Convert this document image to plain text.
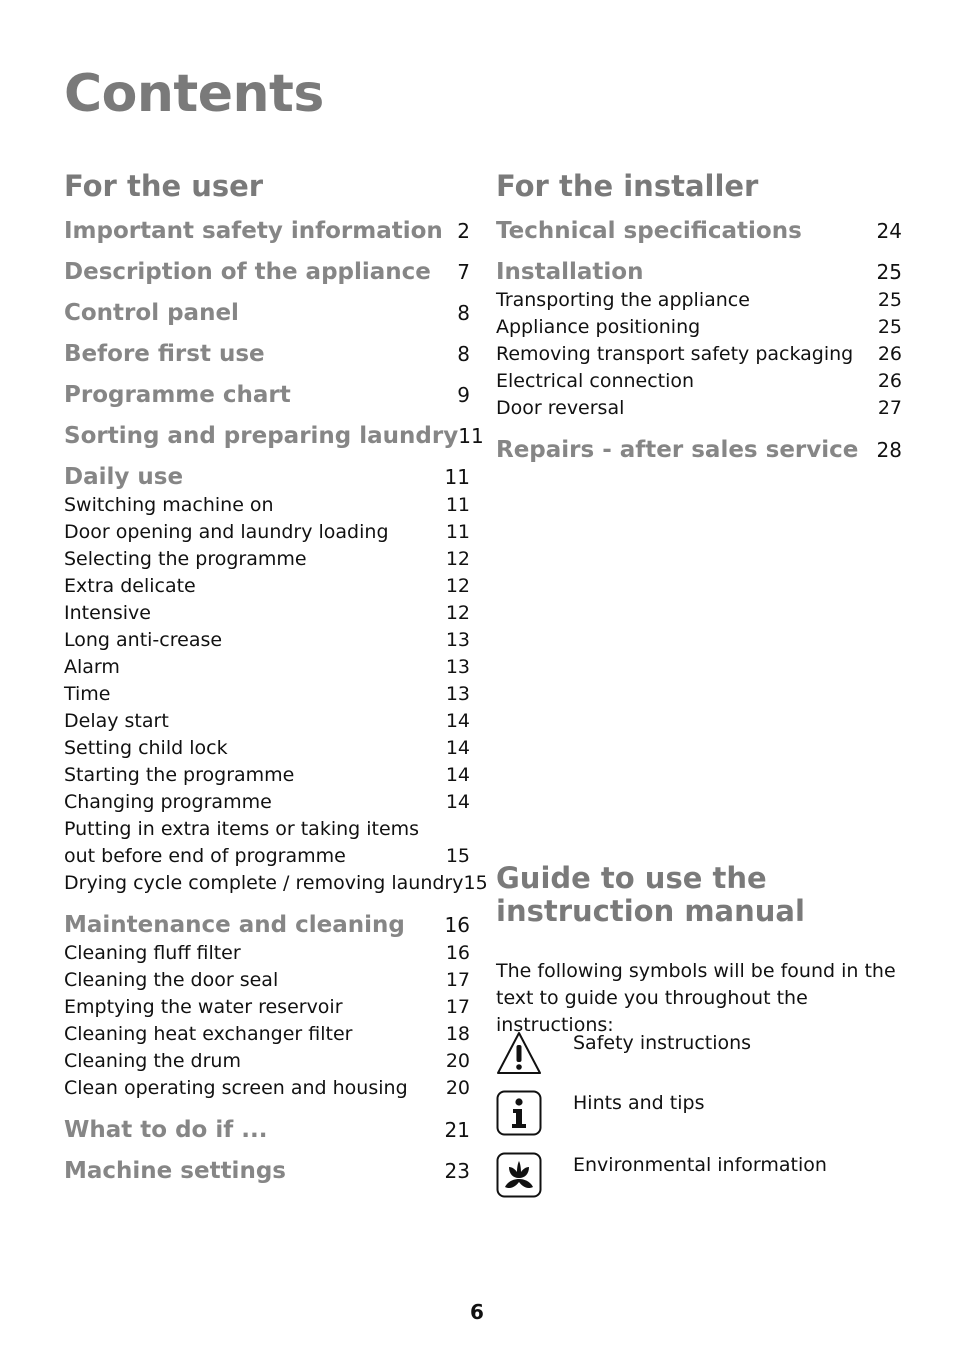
Contents
For the user
Important safety information 2
Description of the appliance	7
Control panel	8
Before first use	8
Programme chart	9
Sorting and preparing laundry 11
Daily use	11
Switching machine on	11
Door opening and laundry loading	11
Selecting the programme	12
Extra delicate	12
Intensive	12
Long anti-crease	13
Alarm	13
Time	13
Delay start	14
Setting child lock	14
Starting the programme	14
Changing programme	14
Putting in extra items or taking items out before end of programme	15
Drying cycle complete / removing laundry 15
Maintenance and cleaning 16
Cleaning fluff filter	16
Cleaning the door seal	17
Emptying the water reservoir	17
Cleaning heat exchanger filter	18
Cleaning the drum	20
Clean operating screen and housing 20
What to do if ...	21
Machine settings	23
For the installer
Technical specifications	24
Installation	25
Transporting the appliance	25
Appliance positioning	25
Removing transport safety packaging 26
Electrical connection	26
Door reversal	27
Repairs - after sales service 28
Guide to use the
instruction manual

The following symbols will be found in the text to guide you throughout the instructions:

Safety instructions
Hints and tips
Environmental information
6
